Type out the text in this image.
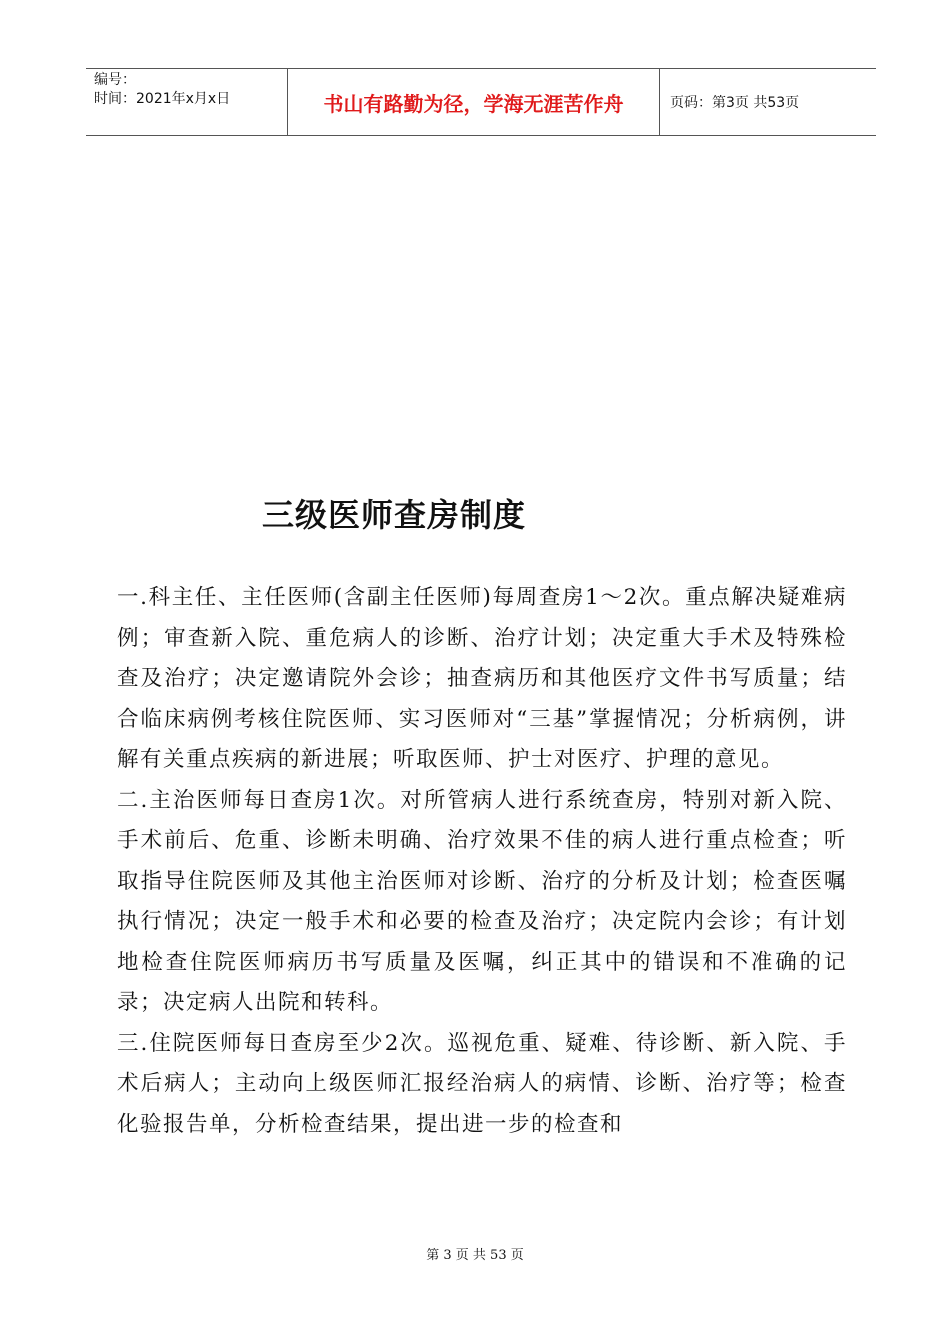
编号：
时间：2021年x月x日	书山有路勤为径，学海无涯苦作舟	页码：第3页 共53页
三级医师查房制度

一.科主任、主任医师(含副主任医师)每周查房1～2次。重点解决疑难病例；审查新入院、重危病人的诊断、治疗计划；决定重大手术及特殊检查及治疗；决定邀请院外会诊；抽查病历和其他医疗文件书写质量；结合临床病例考核住院医师、实习医师对“三基”掌握情况；分析病例，讲解有关重点疾病的新进展；听取医师、护士对医疗、护理的意见。

二.主治医师每日查房1次。对所管病人进行系统查房，特别对新入院、手术前后、危重、诊断未明确、治疗效果不佳的病人进行重点检查；听取指导住院医师及其他主治医师对诊断、治疗的分析及计划；检查医嘱执行情况；决定一般手术和必要的检查及治疗；决定院内会诊；有计划地检查住院医师病历书写质量及医嘱，纠正其中的错误和不准确的记录；决定病人出院和转科。

三.住院医师每日查房至少2次。巡视危重、疑难、待诊断、新入院、手术后病人；主动向上级医师汇报经治病人的病情、诊断、治疗等；检查化验报告单，分析检查结果，提出进一步的检查和

第 3 页 共 53 页
